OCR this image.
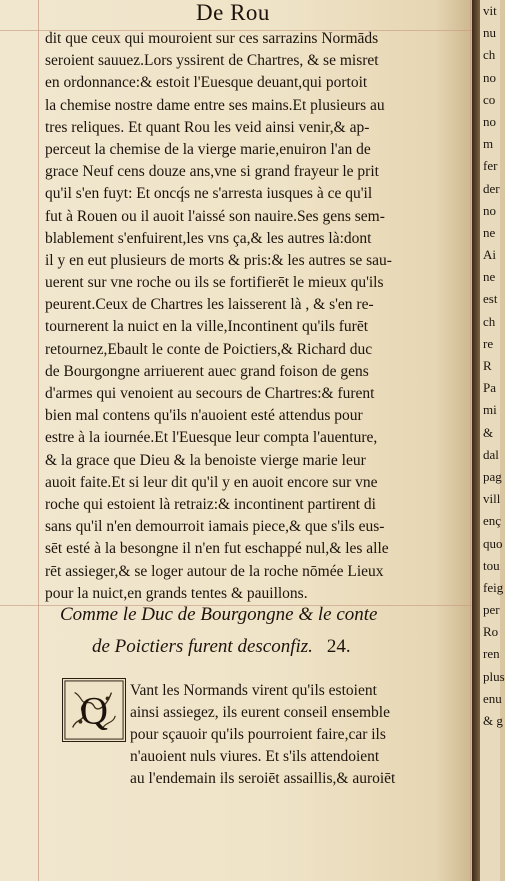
De Rou
dit que ceux qui mouroient sur ces sarrazins Normāds
seroient sauuez.Lors yssirent de Chartres, & se misret
en ordonnance:& estoit l'Euesque deuant,qui portoit
la chemise nostre dame entre ses mains.Et plusieurs au
tres reliques. Et quant Rou les veid ainsi venir,& ap-
perceut la chemise de la vierge marie,enuiron l'an de
grace Neuf cens douze ans,vne si grand frayeur le prit
qu'il s'en fuyt: Et oncq́s ne s'arresta iusques à ce qu'il
fut à Rouen ou il auoit l'aissé son nauire.Ses gens sem-
blablement s'enfuirent,les vns ça,& les autres là:dont
il y en eut plusieurs de morts & pris:& les autres se sau-
uerent sur vne roche ou ils se fortifierēt le mieux qu'ils
peurent.Ceux de Chartres les laisserent là , & s'en re-
tournerent la nuict en la ville,Incontinent qu'ils furēt
retournez,Ebault le conte de Poictiers,& Richard duc
de Bourgongne arriuerent auec grand foison de gens
d'armes qui venoient au secours de Chartres:& furent
bien mal contens qu'ils n'auoient esté attendus pour
estre à la iournée.Et l'Euesque leur compta l'auenture,
& la grace que Dieu & la benoiste vierge marie leur
auoit faite.Et si leur dit qu'il y en auoit encore sur vne
roche qui estoient là retraiz:& incontinent partirent di
sans qu'il n'en demourroit iamais piece,& que s'ils eus-
sēt esté à la besongne il n'en fut eschappé nul,& les alle
rēt assieger,& se loger autour de la roche nōmée Lieux
pour la nuict,en grands tentes & pauillons.
Comme le Duc de Bourgongne & le conte
de Poictiers furent desconfiz. 24.
Q Vant les Normands virent qu'ils estoient
ainsi assiegez, ils eurent conseil ensemble
pour sçauoir qu'ils pourroient faire,car ils
n'auoient nuls viures. Et s'ils attendoient
au l'endemain ils seroiēt assaillis,& auroiēt
vit
nu
ch
no
co
no
m
fer
der
no
ne
Ai
ne
est
ch
re
R
Pa
mi
&
dal
pag
vill
enç
quo
tou
feig
per
Ro
ren
plus
enu
& g
